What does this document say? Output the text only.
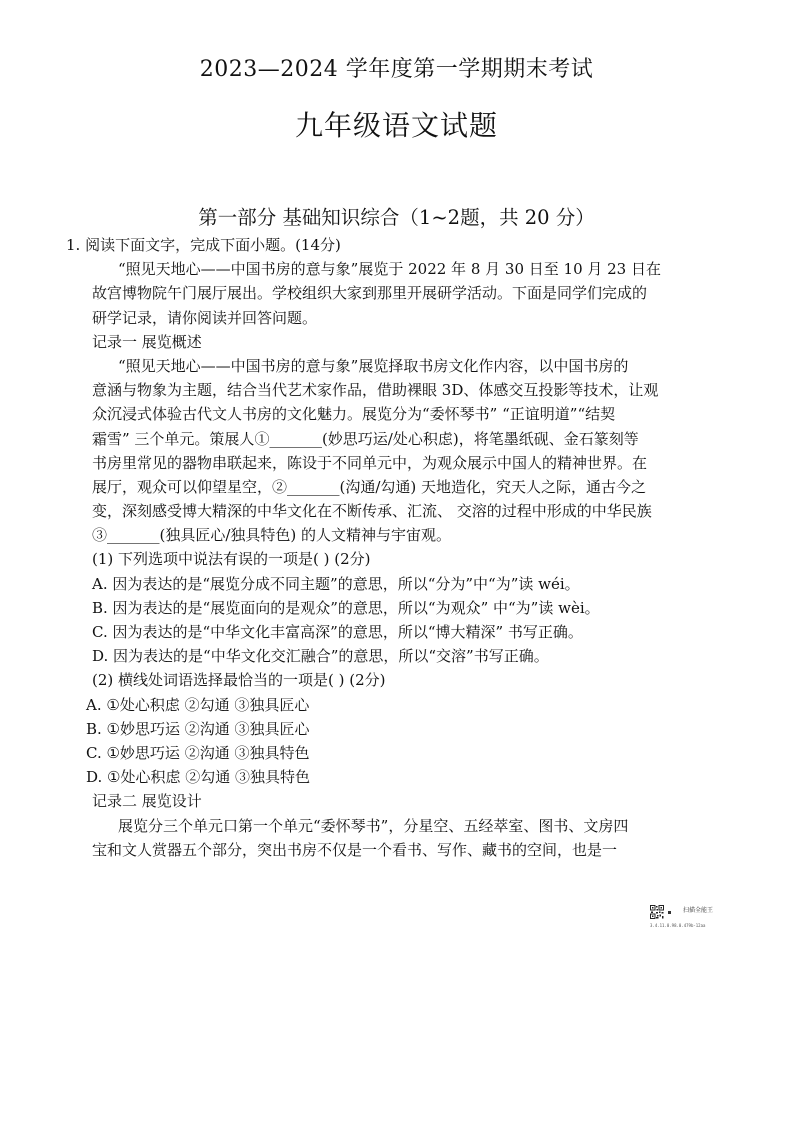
2023—2024 学年度第一学期期末考试
九年级语文试题
第一部分 基础知识综合（1~2题，共 20 分）
1. 阅读下面文字，完成下面小题。(14分)
“照见天地心——中国书房的意与象”展览于 2022 年 8 月 30 日至 10 月 23 日在
故宫博物院午门展厅展出。学校组织大家到那里开展研学活动。下面是同学们完成的
研学记录，请你阅读并回答问题。
记录一 展览概述
“照见天地心——中国书房的意与象”展览择取书房文化作内容，以中国书房的
意涵与物象为主题，结合当代艺术家作品，借助裸眼 3D、体感交互投影等技术，让观
众沉浸式体验古代文人书房的文化魅力。展览分为“委怀琴书” “正谊明道”“结契
霜雪” 三个单元。策展人①_______(妙思巧运/处心积虑)，将笔墨纸砚、金石篆刻等
书房里常见的器物串联起来，陈设于不同单元中，为观众展示中国人的精神世界。在
展厅，观众可以仰望星空，②_______(沟通/勾通) 天地造化，究天人之际，通古今之
变，深刻感受博大精深的中华文化在不断传承、汇流、 交溶的过程中形成的中华民族
③_______(独具匠心/独具特色) 的人文精神与宇宙观。
(1) 下列选项中说法有误的一项是( ) (2分)
A. 因为表达的是“展览分成不同主题”的意思，所以“分为”中“为”读 wéi。
B. 因为表达的是“展览面向的是观众”的意思，所以“为观众” 中“为”读 wèi。
C. 因为表达的是“中华文化丰富高深”的意思，所以“博大精深” 书写正确。
D. 因为表达的是“中华文化交汇融合”的意思，所以“交溶”书写正确。
(2) 横线处词语选择最恰当的一项是( ) (2分)
A. ①处心积虑 ②勾通 ③独具匠心
B. ①妙思巧运 ②沟通 ③独具匠心
C. ①妙思巧运 ②沟通 ③独具特色
D. ①处心积虑 ②勾通 ③独具特色
记录二 展览设计
展览分三个单元口第一个单元“委怀琴书”，分星空、五经萃室、图书、文房四
宝和文人赏器五个部分，突出书房不仅是一个看书、写作、藏书的空间，也是一
扫描全能王
3.4.11.0.98.0.479b-12aa
